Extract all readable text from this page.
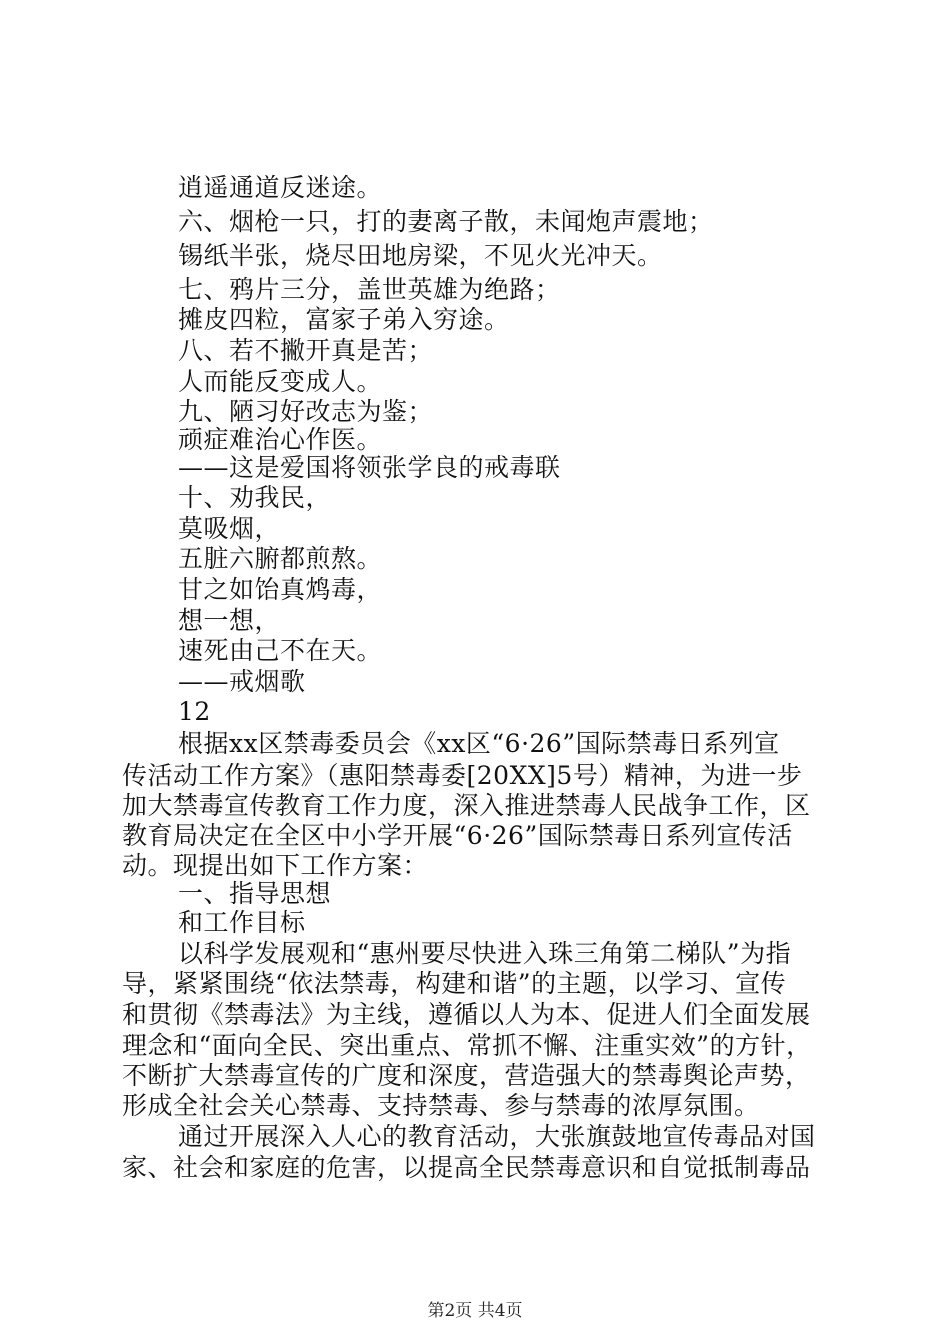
逍遥通道反迷途。
六、烟枪一只，打的妻离子散，未闻炮声震地；
锡纸半张，烧尽田地房梁，不见火光冲天。
七、鸦片三分，盖世英雄为绝路；
摊皮四粒，富家子弟入穷途。
八、若不撇开真是苦；
人而能反变成人。
九、陋习好改志为鉴；
顽症难治心作医。
——这是爱国将领张学良的戒毒联
十、劝我民，
莫吸烟，
五脏六腑都煎熬。
甘之如饴真鸩毒，
想一想，
速死由己不在天。
——戒烟歌
12
根据xx区禁毒委员会《xx区“6·26”国际禁毒日系列宣
传活动工作方案》（惠阳禁毒委[20XX]5号）精神，为进一步
加大禁毒宣传教育工作力度，深入推进禁毒人民战争工作，区
教育局决定在全区中小学开展“6·26”国际禁毒日系列宣传活
动。现提出如下工作方案：
一、指导思想
和工作目标
以科学发展观和“惠州要尽快进入珠三角第二梯队”为指
导，紧紧围绕“依法禁毒，构建和谐”的主题，以学习、宣传
和贯彻《禁毒法》为主线，遵循以人为本、促进人们全面发展
理念和“面向全民、突出重点、常抓不懈、注重实效”的方针，
不断扩大禁毒宣传的广度和深度，营造强大的禁毒舆论声势，
形成全社会关心禁毒、支持禁毒、参与禁毒的浓厚氛围。
通过开展深入人心的教育活动，大张旗鼓地宣传毒品对国
家、社会和家庭的危害，以提高全民禁毒意识和自觉抵制毒品
第2页 共4页
